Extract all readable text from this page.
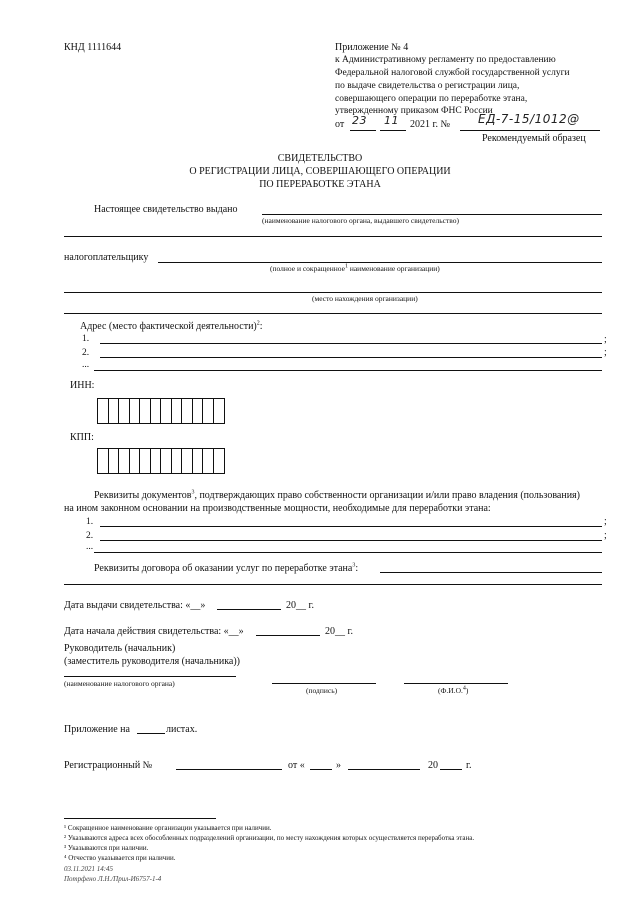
КНД 1111644	Приложение № 4
к Административному регламенту по предоставлению
Федеральной налоговой службой государственной услуги
по выдаче свидетельства о регистрации лица,
совершающего операции по переработке этана,
утвержденному приказом ФНС России
от 23 11 2021 г. № ЕД-7-15/1012@
Рекомендуемый образец
СВИДЕТЕЛЬСТВО
О РЕГИСТРАЦИИ ЛИЦА, СОВЕРШАЮЩЕГО ОПЕРАЦИИ
ПО ПЕРЕРАБОТКЕ ЭТАНА
Настоящее свидетельство выдано
(наименование налогового органа, выдавшего свидетельство)
налогоплательщику
(полное и сокращенное$^1$ наименование организации)
(место нахождения организации)
Адрес (место фактической деятельности)$^2$:
1.	;
2.	;
...
ИНН:
КПП:
Реквизиты документов$^3$, подтверждающих право собственности организации и/или право владения (пользования)
на ином законном основании на производственные мощности, необходимые для переработки этана:
1.	;
2.	;
...
Реквизиты договора об оказании услуг по переработке этана$^3$:
Дата выдачи свидетельства: «__»	20__ г.
Дата начала действия свидетельства: «__»	20__ г.
Руководитель (начальник)
(заместитель руководителя (начальника))
(наименование налогового органа)
(подпись)	(Ф.И.О.$^4$)
Приложение на	листах.
Регистрационный №	от «	»	20	г.
¹ Сокращенное наименование организации указывается при наличии.
² Указываются адреса всех обособленных подразделений организации, по месту нахождения которых осуществляется переработка этана.
³ Указываются при наличии.
⁴ Отчество указывается при наличии.
03.11.2021 14:45
Потрфено Л.Н./Прил-И6757-1-4
